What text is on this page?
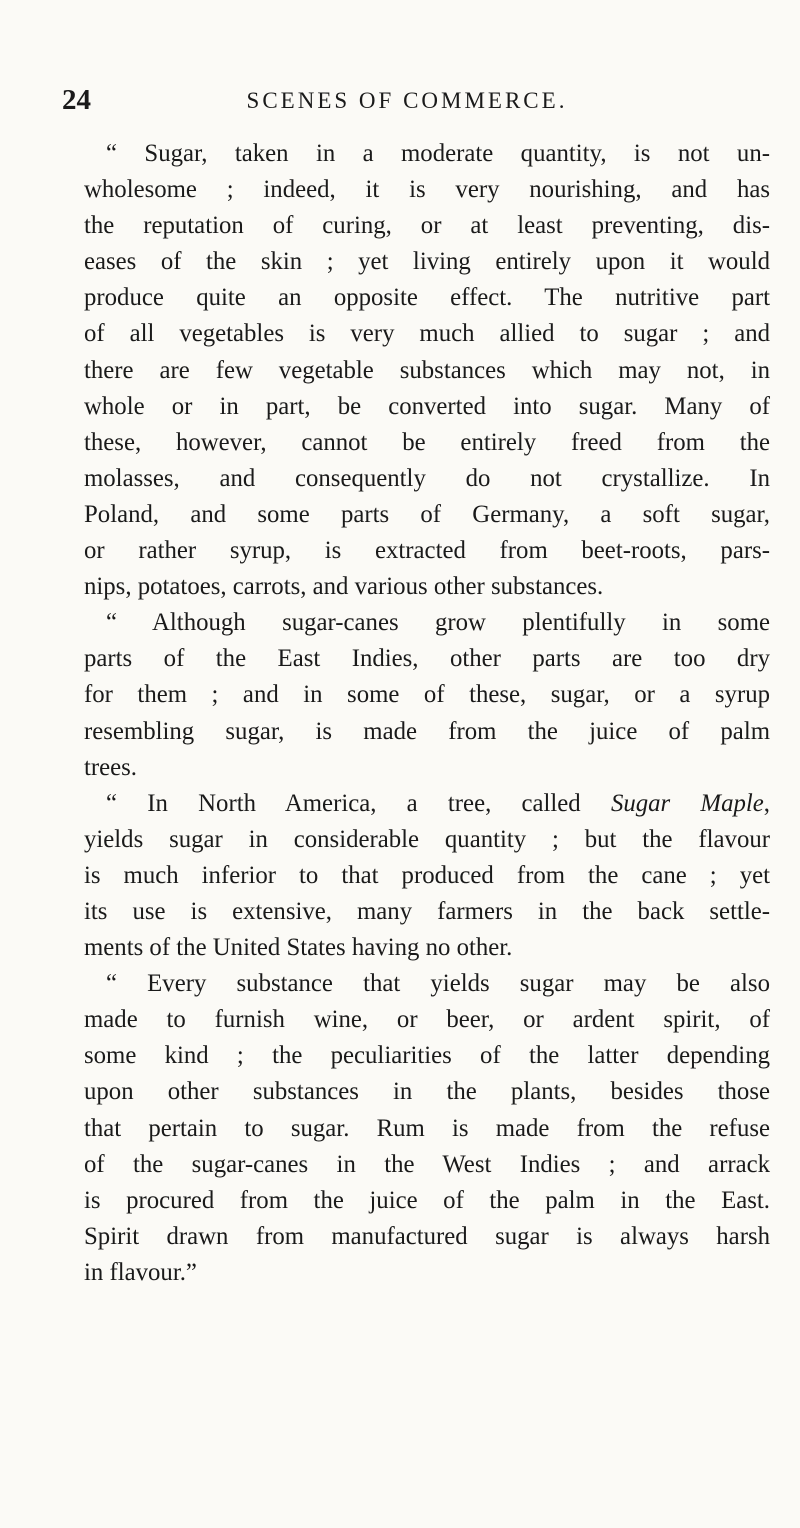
24	SCENES OF COMMERCE.
“ Sugar, taken in a moderate quantity, is not un-
wholesome ; indeed, it is very nourishing, and has
the reputation of curing, or at least preventing, dis-
eases of the skin ; yet living entirely upon it would
produce quite an opposite effect. The nutritive part
of all vegetables is very much allied to sugar ; and
there are few vegetable substances which may not, in
whole or in part, be converted into sugar. Many of
these, however, cannot be entirely freed from the
molasses, and consequently do not crystallize. In
Poland, and some parts of Germany, a soft sugar,
or rather syrup, is extracted from beet-roots, pars-
nips, potatoes, carrots, and various other substances.
“ Although sugar-canes grow plentifully in some
parts of the East Indies, other parts are too dry
for them ; and in some of these, sugar, or a syrup
resembling sugar, is made from the juice of palm
trees.
“ In North America, a tree, called Sugar Maple,
yields sugar in considerable quantity ; but the flavour
is much inferior to that produced from the cane ; yet
its use is extensive, many farmers in the back settle-
ments of the United States having no other.
“ Every substance that yields sugar may be also
made to furnish wine, or beer, or ardent spirit, of
some kind ; the peculiarities of the latter depending
upon other substances in the plants, besides those
that pertain to sugar. Rum is made from the refuse
of the sugar-canes in the West Indies ; and arrack
is procured from the juice of the palm in the East.
Spirit drawn from manufactured sugar is always harsh
in flavour.”
